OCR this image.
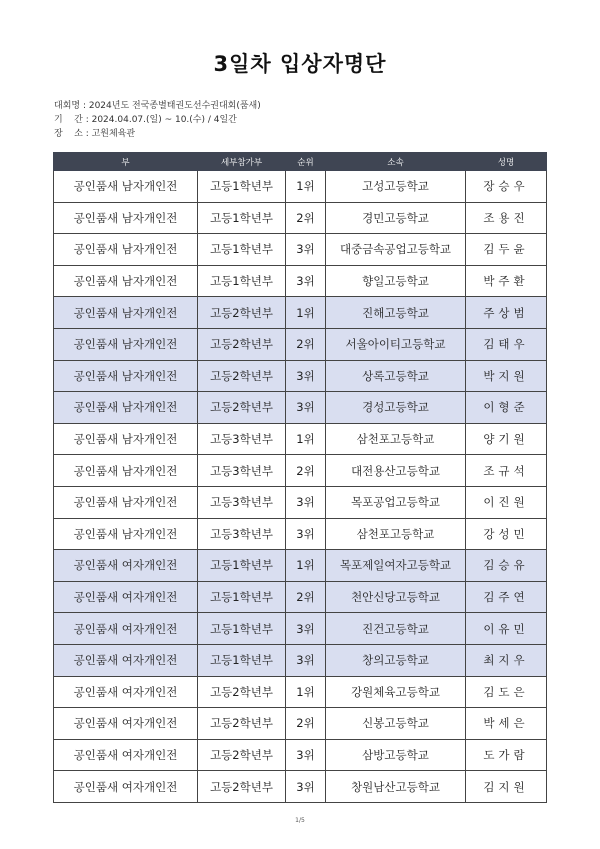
3일차 입상자명단
대회명 : 2024년도 전국종별태권도선수권대회(품새)
기    간 : 2024.04.07.(일) ~ 10.(수) / 4일간
장    소 : 고원체육관
부	세부참가부	순위	소속	성명
공인품새 남자개인전	고등1학년부	1위	고성고등학교	장승우
공인품새 남자개인전	고등1학년부	2위	경민고등학교	조용진
공인품새 남자개인전	고등1학년부	3위	대중금속공업고등학교	김두윤
공인품새 남자개인전	고등1학년부	3위	향일고등학교	박주환
공인품새 남자개인전	고등2학년부	1위	진해고등학교	주상범
공인품새 남자개인전	고등2학년부	2위	서울아이티고등학교	김태우
공인품새 남자개인전	고등2학년부	3위	상록고등학교	박지원
공인품새 남자개인전	고등2학년부	3위	경성고등학교	이형준
공인품새 남자개인전	고등3학년부	1위	삼천포고등학교	양기원
공인품새 남자개인전	고등3학년부	2위	대전용산고등학교	조규석
공인품새 남자개인전	고등3학년부	3위	목포공업고등학교	이진원
공인품새 남자개인전	고등3학년부	3위	삼천포고등학교	강성민
공인품새 여자개인전	고등1학년부	1위	목포제일여자고등학교	김승유
공인품새 여자개인전	고등1학년부	2위	천안신당고등학교	김주연
공인품새 여자개인전	고등1학년부	3위	진건고등학교	이유민
공인품새 여자개인전	고등1학년부	3위	창의고등학교	최지우
공인품새 여자개인전	고등2학년부	1위	강원체육고등학교	김도은
공인품새 여자개인전	고등2학년부	2위	신봉고등학교	박세은
공인품새 여자개인전	고등2학년부	3위	삼방고등학교	도가람
공인품새 여자개인전	고등2학년부	3위	창원남산고등학교	김지원
1/5
